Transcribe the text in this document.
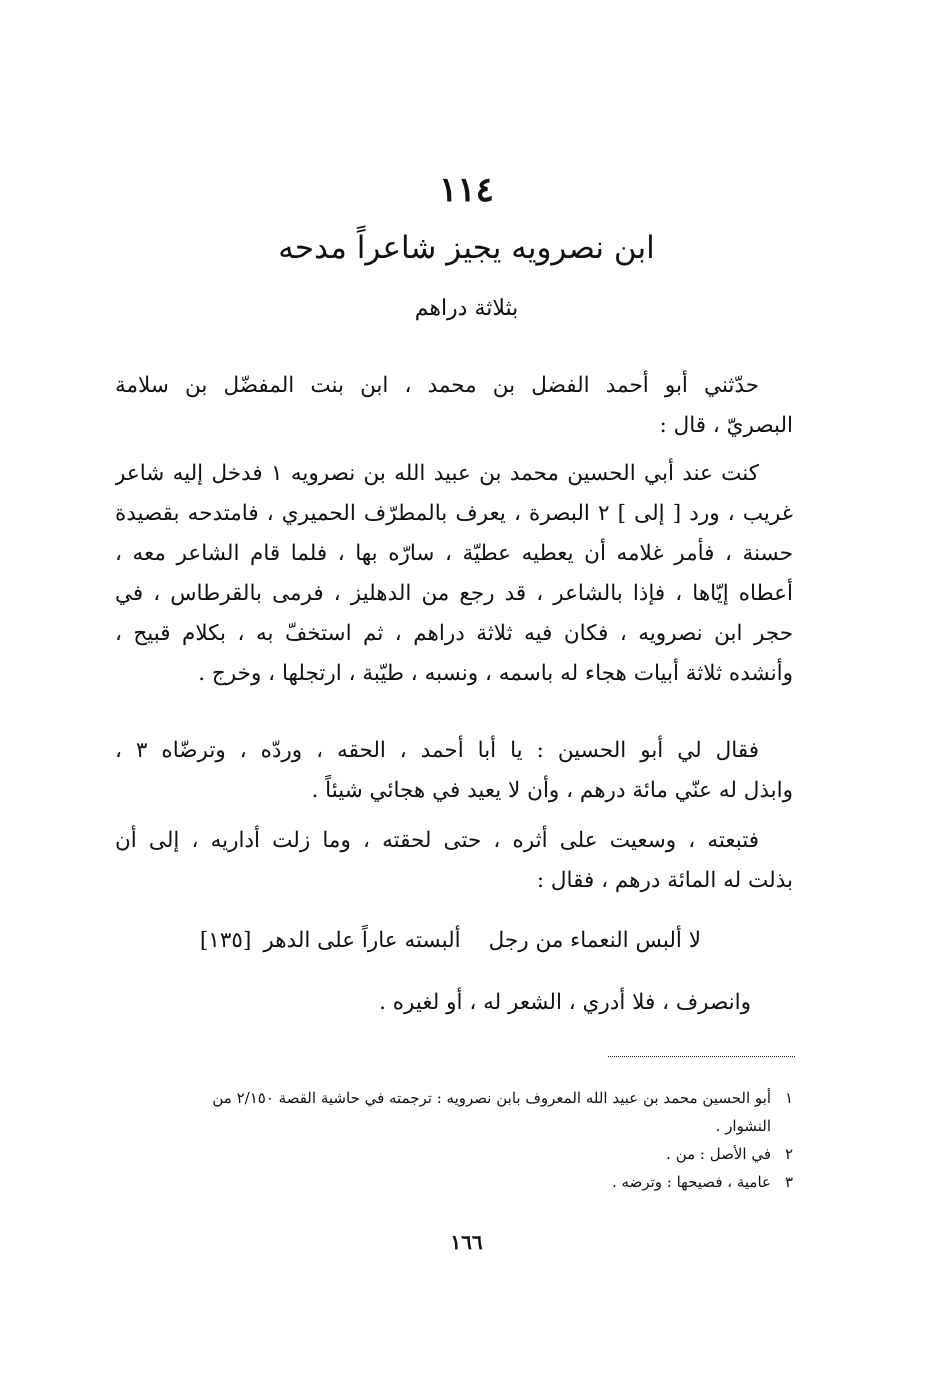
١١٤
ابن نصرويه يجيز شاعراً مدحه
بثلاثة دراهم
حدّثني أبو أحمد الفضل بن محمد ، ابن بنت المفضّل بن سلامة
البصريّ ، قال :
كنت عند أبي الحسين محمد بن عبيد الله بن نصرويه ١ فدخل إليه شاعر
غريب ، ورد [ إلى ] ٢ البصرة ، يعرف بالمطرّف الحميري ، فامتدحه بقصيدة
حسنة ، فأمر غلامه أن يعطيه عطيّة ، سارّه بها ، فلما قام الشاعر معه ،
أعطاه إيّاها ، فإذا بالشاعر ، قد رجع من الدهليز ، فرمى بالقرطاس ، في
حجر ابن نصرويه ، فكان فيه ثلاثة دراهم ، ثم استخفّ به ، بكلام قبيح ،
وأنشده ثلاثة أبيات هجاء له باسمه ، ونسبه ، طيّبة ، ارتجلها ، وخرج .
فقال لي أبو الحسين : يا أبا أحمد ، الحقه ، وردّه ، وترضّاه ٣ ،
وابذل له عنّي مائة درهم ، وأن لا يعيد في هجائي شيئاً .
فتبعته ، وسعيت على أثره ، حتى لحقته ، وما زلت أداريه ، إلى أن
بذلت له المائة درهم ، فقال :
لا ألبس النعماء من رجلألبسته عاراً على الدهر[١٣٥]
وانصرف ، فلا أدري ، الشعر له ، أو لغيره .
١أبو الحسين محمد بن عبيد الله المعروف بابن نصرويه : ترجمته في حاشية القصة ٢/١٥٠ من
النشوار .
٢في الأصل : من .
٣عامية ، فصيحها : وترضه .
١٦٦
